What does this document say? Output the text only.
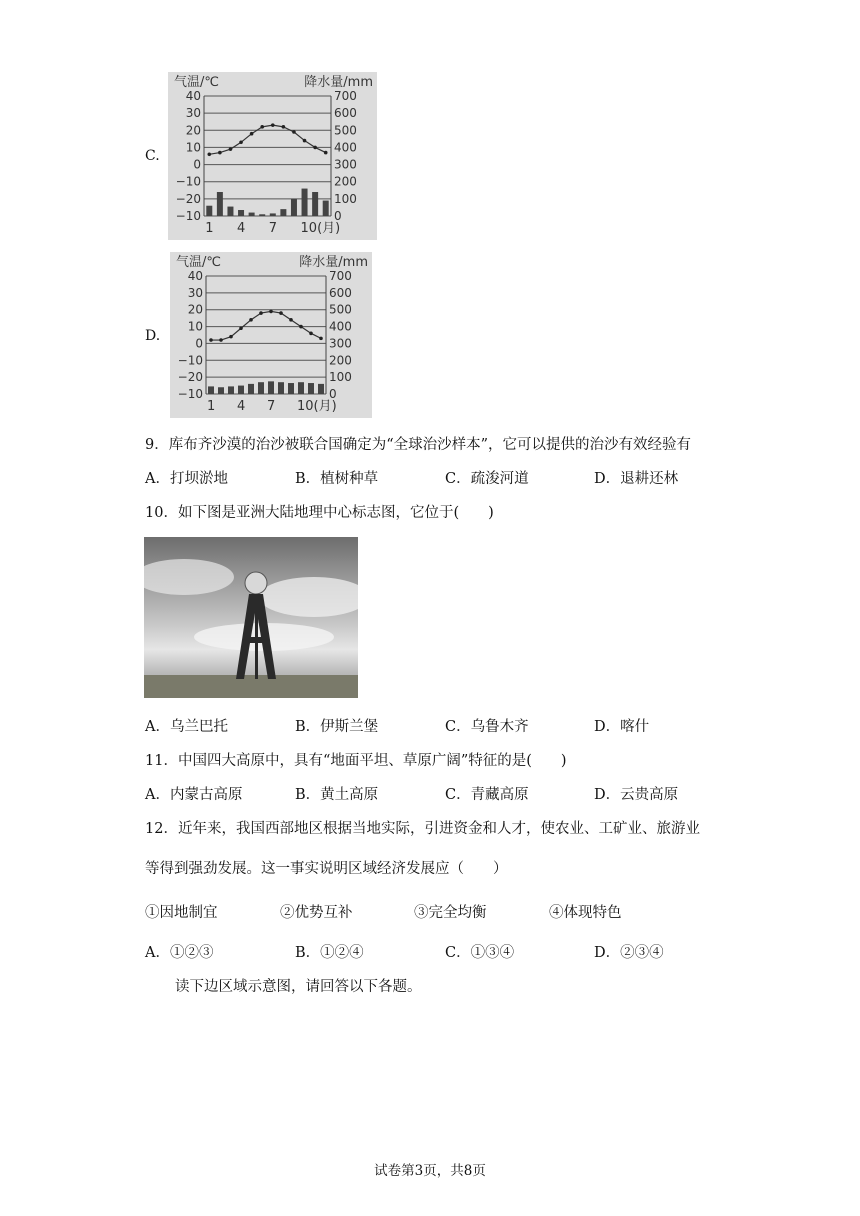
C.
气温/℃	降水量/mm
40	700
30	600
20	500
10	400
0	300
−10	200
−20	100
−10	0
1 4 7 10(月)
D.
气温/℃	降水量/mm
40	700
30	600
20	500
10	400
0	300
−10	200
−20	100
−10	0
1 4 7 10(月)
9．库布齐沙漠的治沙被联合国确定为“全球治沙样本”，它可以提供的治沙有效经验有
A．打坝淤地	B．植树种草	C．疏浚河道	D．退耕还林
10．如下图是亚洲大陆地理中心标志图，它位于(　　)
A．乌兰巴托	B．伊斯兰堡	C．乌鲁木齐	D．喀什
11．中国四大高原中，具有“地面平坦、草原广阔”特征的是(　　)
A．内蒙古高原	B．黄土高原	C．青藏高原	D．云贵高原
12．近年来，我国西部地区根据当地实际，引进资金和人才，使农业、工矿业、旅游业
等得到强劲发展。这一事实说明区域经济发展应（　　）
①因地制宜	②优势互补	③完全均衡	④体现特色
A．①②③	B．①②④	C．①③④	D．②③④
读下边区域示意图，请回答以下各题。
试卷第3页，共8页
